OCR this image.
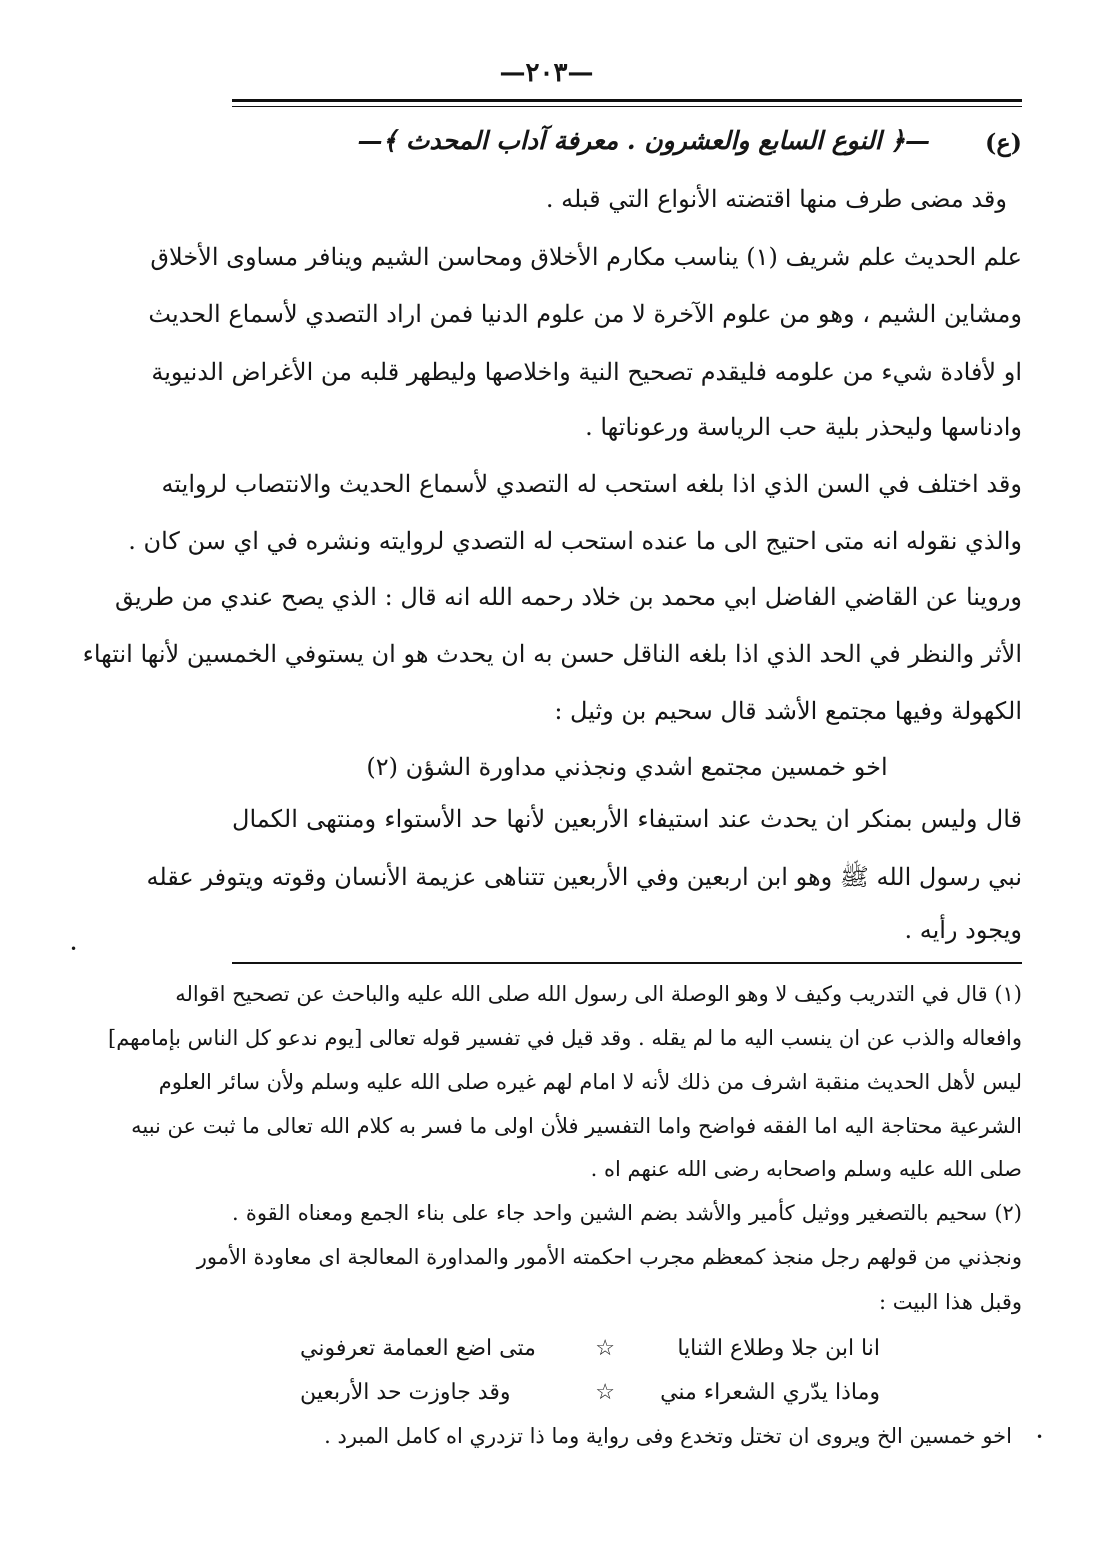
—٢٠٣—
(ع)
—﴿ النوع السابع والعشرون . معرفة آداب المحدث ﴾—
وقد مضى طرف منها اقتضته الأنواع التي قبله .
علم الحديث علم شريف (١) يناسب مكارم الأخلاق ومحاسن الشيم وينافر مساوى الأخلاق
ومشاين الشيم ، وهو من علوم الآخرة لا من علوم الدنيا فمن اراد التصدي لأسماع الحديث
او لأفادة شيء من علومه فليقدم تصحيح النية واخلاصها وليطهر قلبه من الأغراض الدنيوية
وادناسها وليحذر بلية حب الرياسة ورعوناتها .
وقد اختلف في السن الذي اذا بلغه استحب له التصدي لأسماع الحديث والانتصاب لروايته
والذي نقوله انه متى احتيج الى ما عنده استحب له التصدي لروايته ونشره في اي سن كان .
وروينا عن القاضي الفاضل ابي محمد بن خلاد رحمه الله انه قال : الذي يصح عندي من طريق
الأثر والنظر في الحد الذي اذا بلغه الناقل حسن به ان يحدث هو ان يستوفي الخمسين لأنها انتهاء
الكهولة وفيها مجتمع الأشد قال سحيم بن وثيل :
اخو خمسين مجتمع اشدي ونجذني مداورة الشؤن (٢)
قال وليس بمنكر ان يحدث عند استيفاء الأربعين لأنها حد الأستواء ومنتهى الكمال
نبي رسول الله ﷺ وهو ابن اربعين وفي الأربعين تتناهى عزيمة الأنسان وقوته ويتوفر عقله
ويجود رأيه .
•
(١) قال في التدريب وكيف لا وهو الوصلة الى رسول الله صلى الله عليه والباحث عن تصحيح اقواله
وافعاله والذب عن ان ينسب اليه ما لم يقله . وقد قيل في تفسير قوله تعالى [يوم ندعو كل الناس بإمامهم]
ليس لأهل الحديث منقبة اشرف من ذلك لأنه لا امام لهم غيره صلى الله عليه وسلم ولأن سائر العلوم
الشرعية محتاجة اليه اما الفقه فواضح واما التفسير فلأن اولى ما فسر به كلام الله تعالى ما ثبت عن نبيه
صلى الله عليه وسلم واصحابه رضى الله عنهم اه .
(٢) سحيم بالتصغير ووثيل كأمير والأشد بضم الشين واحد جاء على بناء الجمع ومعناه القوة .
ونجذني من قولهم رجل منجذ كمعظم مجرب احكمته الأمور والمداورة المعالجة اى معاودة الأمور
وقبل هذا البيت :
انا ابن جلا وطلاع الثنايا
☆
متى اضع العمامة تعرفوني
وماذا يدّري الشعراء مني
☆
وقد جاوزت حد الأربعين
•
اخو خمسين الخ ويروى ان تختل وتخدع وفى رواية وما ذا تزدري اه كامل المبرد .
